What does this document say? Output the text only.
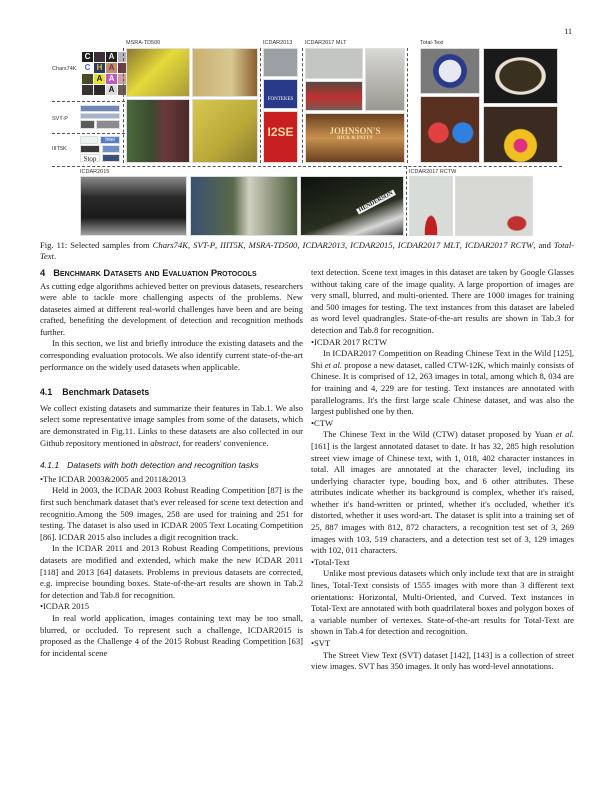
11
Chars74K
C	A
C H A
A A
A
SVT-P
IIIT5K
Intel
Stop
MSRA-TD500	ICDAR2013
FONTEKES
I2SE
ICDAR2017 MLT
JOHNSON'S
RICK & PATTY
Total-Text
ICDAR2015
HENDERSON
ICDAR2017 RCTW
Fig. 11: Selected samples from Chars74K, SVT-P, IIIT5K, MSRA-TD500, ICDAR2013, ICDAR2015, ICDAR2017 MLT, ICDAR2017 RCTW, and Total-Text.
4 Benchmark Datasets and Evaluation Protocols

As cutting edge algorithms achieved better on previous datasets, researchers were able to tackle more challenging aspects of the problems. New datasetes aimed at different real-world challenges have been and are being crafted, benefiting the development of detection and recognition methods further.

In this section, we list and briefly introduce the existing datasets and the corresponding evaluation protocols. We also identify current state-of-the-art performance on the widely used datasets when applicable.

4.1 Benchmark Datasets

We collect existing datasets and summarize their features in Tab.1. We also select some representative image samples from some of the datasets, which are demonstrated in Fig.11. Links to these datasets are also collected in our Github repository mentioned in abstract, for readers' convenience.

4.1.1 Datasets with both detection and recognition tasks

• The ICDAR 2003&2005 and 2011&2013

Held in 2003, the ICDAR 2003 Robust Reading Competition [87] is the first such benchmark dataset that's ever released for scene text detection and recognitio.Among the 509 images, 258 are used for training and 251 for testing. The dataset is also used in ICDAR 2005 Text Locating Competition [86]. ICDAR 2015 also includes a digit recognition track.

In the ICDAR 2011 and 2013 Robust Reading Competitions, previous datasets are modified and extended, which make the new ICDAR 2011 [118] and 2013 [64] datasets. Problems in previous datasets are corrected, e.g. imprecise bounding boxes. State-of-the-art results are shown in Tab.2 for detection and Tab.8 for recognition.

• ICDAR 2015

In real world application, images containing text may be too small, blurred, or occluded. To represent such a challenge, ICDAR2015 is proposed as the Challenge 4 of the 2015 Robust Reading Competition [63] for incidental scene

text detection. Scene text images in this dataset are taken by Google Glasses without taking care of the image quality. A large proportion of images are very small, blurred, and multi-oriented. There are 1000 images for training and 500 images for testing. The text instances from this dataset are labeled as word level quadrangles. State-of-the-art results are shown in Tab.3 for detection and Tab.8 for recognition.

• ICDAR 2017 RCTW

In ICDAR2017 Competition on Reading Chinese Text in the Wild [125], Shi et al. propose a new dataset, called CTW-12K, which mainly consists of Chinese. It is comprised of 12, 263 images in total, among which 8, 034 are for training and 4, 229 are for testing. Text instances are annotated with parallelograms. It's the first large scale Chinese dataset, and was also the largest published one by then.

• CTW

The Chinese Text in the Wild (CTW) dataset proposed by Yuan et al. [161] is the largest annotated dataset to date. It has 32, 285 high resolution street view image of Chinese text, with 1, 018, 402 character instances in total. All images are annotated at the character level, including its underlying character type, bouding box, and 6 other attributes. These attributes indicate whether its background is complex, whether it's raised, whether it's hand-written or printed, whether it's occluded, whether it's distorted, whether it uses word-art. The dataset is split into a training set of 25, 887 images with 812, 872 characters, a recognition test set of 3, 269 images with 103, 519 characters, and a detection test set of 3, 129 images with 102, 011 characters.

• Total-Text

Unlike most previous datasets which only include text that are in straight lines, Total-Text consists of 1555 images with more than 3 different text orientations: Horizontal, Multi-Oriented, and Curved. Text instances in Total-Text are annotated with both quadrilateral boxes and polygon boxes of a variable number of vertexes. State-of-the-art results for Total-Text are shown in Tab.4 for detection and recognition.

• SVT

The Street View Text (SVT) dataset [142], [143] is a collection of street view images. SVT has 350 images. It only has word-level annotations.
